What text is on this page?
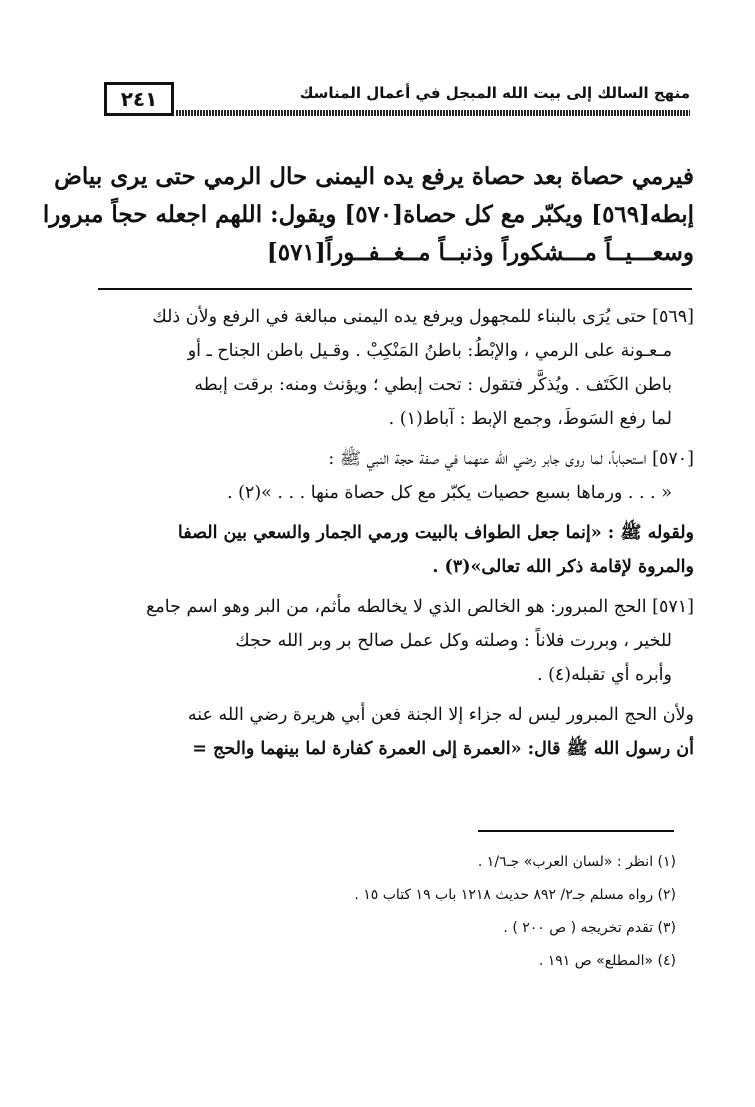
٢٤١	منهج السالك إلى بيت الله المبجل في أعمال المناسك
فيرمي حصاة بعد حصاة يرفع يده اليمنى حال الرمي حتى يرى بياض
إبطه[٥٦٩] ويكبّر مع كل حصاة[٥٧٠] ويقول: اللهم اجعله حجاً مبرورا
وسعـــيــاً مـــشكوراً وذنبــاً مــغــفــوراً[٥٧١]
[٥٦٩] حتى يُرَى بالبناء للمجهول ويرفع يده اليمنى مبالغة في الرفع ولأن ذلك
مـعـونة على الرمي ، والإبْطُ: باطنُ المَنْكِبْ . وقـيل باطن الجناح ـ أو
باطن الكَتَف . ويُذكَّر فتقول : تحت إبطي ؛ ويؤنث ومنه: برقت إبطه
لما رفع السَوطَ، وجمع الإبط : آباط(١) .
[٥٧٠] استحباباً، لما روى جابر رضي الله عنهما في صفة حجة النبي ﷺ :
« . . . ورماها بسبع حصيات يكبّر مع كل حصاة منها . . . »(٢) .
ولقوله ﷺ : «إنما جعل الطواف بالبيت ورمي الجمار والسعي بين الصفا
والمروة لإقامة ذكر الله تعالى»(٣) .
[٥٧١] الحج المبرور: هو الخالص الذي لا يخالطه مأثم، من البر وهو اسم جامع
للخير ، وبررت فلاناً : وصلته وكل عمل صالح بر وبر الله حجك
وأبره أي تقبله(٤) .
ولأن الحج المبرور ليس له جزاء إلا الجنة فعن أبي هريرة رضي الله عنه
أن رسول الله ﷺ قال: «العمرة إلى العمرة كفارة لما بينهما والحج =
(١) انظر : «لسان العرب» جـ١/٦ .
(٢) رواه مسلم جـ٢/ ٨٩٢ حديث ١٢١٨ باب ١٩ كتاب ١٥ .
(٣) تقدم تخريجه ( ص ٢٠٠ ) .
(٤) «المطلع» ص ١٩١ .
